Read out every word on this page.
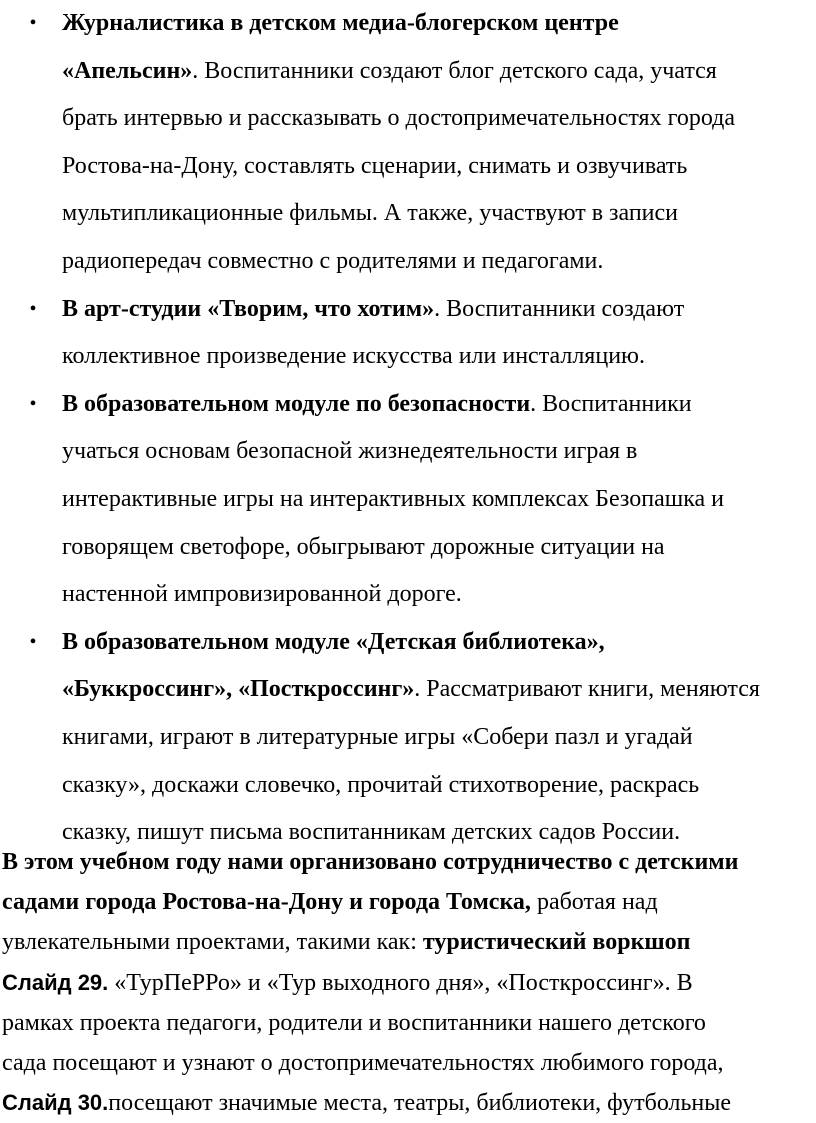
• Журналистика в детском медиа-блогерском центре
«Апельсин». Воспитанники создают блог детского сада, учатся
брать интервью и рассказывать о достопримечательностях города
Ростова-на-Дону, составлять сценарии, снимать и озвучивать
мультипликационные фильмы. А также, участвуют в записи
радиопередач совместно с родителями и педагогами.
• В арт-студии «Творим, что хотим». Воспитанники создают
коллективное произведение искусства или инсталляцию.
• В образовательном модуле по безопасности. Воспитанники
учаться основам безопасной жизнедеятельности играя в
интерактивные игры на интерактивных комплексах Безопашка и
говорящем светофоре, обыгрывают дорожные ситуации на
настенной импровизированной дороге.
• В образовательном модуле «Детская библиотека»,
«Буккроссинг», «Посткроссинг». Рассматривают книги, меняются
книгами, играют в литературные игры «Собери пазл и угадай
сказку», доскажи словечко, прочитай стихотворение, раскрась
сказку, пишут письма воспитанникам детских садов России.
В этом учебном году нами организовано сотрудничество с детскими
садами города Ростова-на-Дону и города Томска, работая над
увлекательными проектами, такими как: туристический воркшоп
Слайд 29. «ТурПеРРо» и «Тур выходного дня», «Посткроссинг». В
рамках проекта педагоги, родители и воспитанники нашего детского
сада посещают и узнают о достопримечательностях любимого города,
Слайд 30.посещают значимые места, театры, библиотеки, футбольные
